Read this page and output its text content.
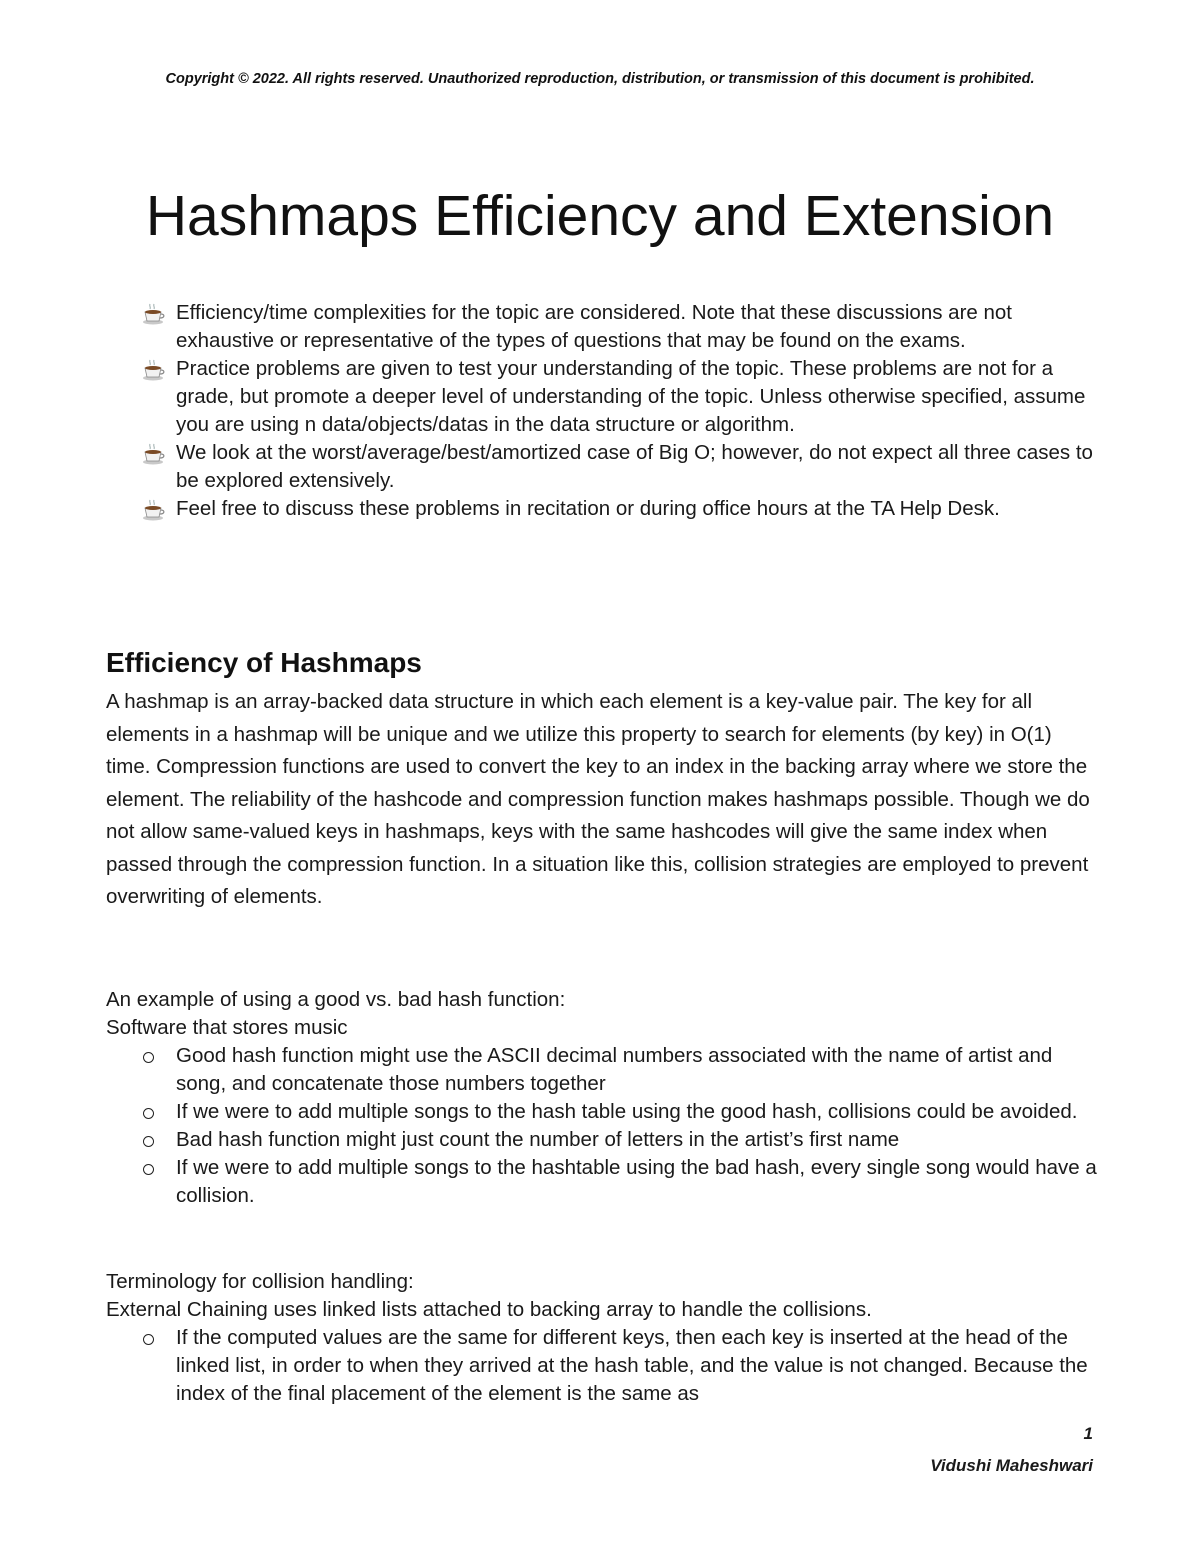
Copyright © 2022. All rights reserved. Unauthorized reproduction, distribution, or transmission of this document is prohibited.
Hashmaps Efficiency and Extension
Efficiency/time complexities for the topic are considered. Note that these discussions are not exhaustive or representative of the types of questions that may be found on the exams.
Practice problems are given to test your understanding of the topic. These problems are not for a grade, but promote a deeper level of understanding of the topic. Unless otherwise specified, assume you are using n data/objects/datas in the data structure or algorithm.
We look at the worst/average/best/amortized case of Big O; however, do not expect all three cases to be explored extensively.
Feel free to discuss these problems in recitation or during office hours at the TA Help Desk.
Efficiency of Hashmaps

A hashmap is an array-backed data structure in which each element is a key-value pair. The key for all elements in a hashmap will be unique and we utilize this property to search for elements (by key) in O(1) time. Compression functions are used to convert the key to an index in the backing array where we store the element. The reliability of the hashcode and compression function makes hashmaps possible. Though we do not allow same-valued keys in hashmaps, keys with the same hashcodes will give the same index when passed through the compression function. In a situation like this, collision strategies are employed to prevent overwriting of elements.

An example of using a good vs. bad hash function:

Software that stores music

Good hash function might use the ASCII decimal numbers associated with the name of artist and song, and concatenate those numbers together
If we were to add multiple songs to the hash table using the good hash, collisions could be avoided.
Bad hash function might just count the number of letters in the artist’s first name
If we were to add multiple songs to the hashtable using the bad hash, every single song would have a collision.

Terminology for collision handling:

External Chaining uses linked lists attached to backing array to handle the collisions.

If the computed values are the same for different keys, then each key is inserted at the head of the linked list, in order to when they arrived at the hash table, and the value is not changed. Because the index of the final placement of the element is the same as
1
Vidushi Maheshwari
